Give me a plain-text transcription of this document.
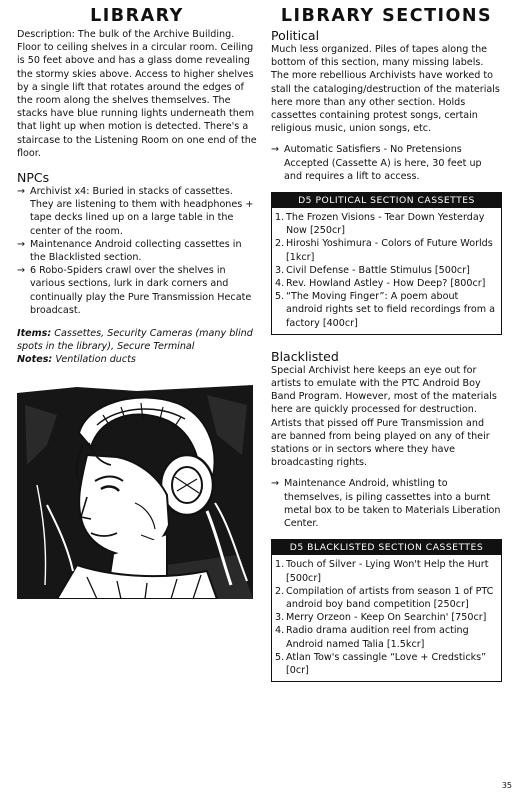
LIBRARY

Description: The bulk of the Archive Building. Floor to ceiling shelves in a circular room. Ceiling is 50 feet above and has a glass dome revealing the stormy skies above. Access to higher shelves by a single lift that rotates around the edges of the room along the shelves themselves. The stacks have blue running lights underneath them that light up when motion is detected. There's a staircase to the Listening Room on one end of the floor.

NPCs
→ Archivist x4: Buried in stacks of cassettes. They are listening to them with headphones + tape decks lined up on a large table in the center of the room.
→ Maintenance Android collecting cassettes in the Blacklisted section.
→ 6 Robo-Spiders crawl over the shelves in various sections, lurk in dark corners and continually play the Pure Transmission Hecate broadcast.
Items: Cassettes, Security Cameras (many blind spots in the library), Secure Terminal
Notes: Ventilation ducts
LIBRARY SECTIONS
Political

Much less organized. Piles of tapes along the bottom of this section, many missing labels. The more rebellious Archivists have worked to stall the cataloging/destruction of the materials here more than any other section. Holds cassettes containing protest songs, certain religious music, union songs, etc.

→ Automatic Satisfiers - No Pretensions Accepted (Cassette A) is here, 30 feet up and requires a lift to access.
D5 POLITICAL SECTION CASSETTES
1. The Frozen Visions - Tear Down Yesterday Now [250cr]
2. Hiroshi Yoshimura - Colors of Future Worlds [1kcr]
3. Civil Defense - Battle Stimulus [500cr]
4. Rev. Howland Astley - How Deep? [800cr]
5. “The Moving Finger”: A poem about android rights set to field recordings from a factory [400cr]
Blacklisted

Special Archivist here keeps an eye out for artists to emulate with the PTC Android Boy Band Program. However, most of the materials here are quickly processed for destruction. Artists that pissed off Pure Transmission and are banned from being played on any of their stations or in sectors where they have broadcasting rights.

→ Maintenance Android, whistling to themselves, is piling cassettes into a burnt metal box to be taken to Materials Liberation Center.
D5 BLACKLISTED SECTION CASSETTES
1. Touch of Silver - Lying Won't Help the Hurt [500cr]
2. Compilation of artists from season 1 of PTC android boy band competition [250cr]
3. Merry Orzeon - Keep On Searchin' [750cr]
4. Radio drama audition reel from acting Android named Talia [1.5kcr]
5. Atlan Tow's cassingle “Love + Credsticks” [0cr]
35
